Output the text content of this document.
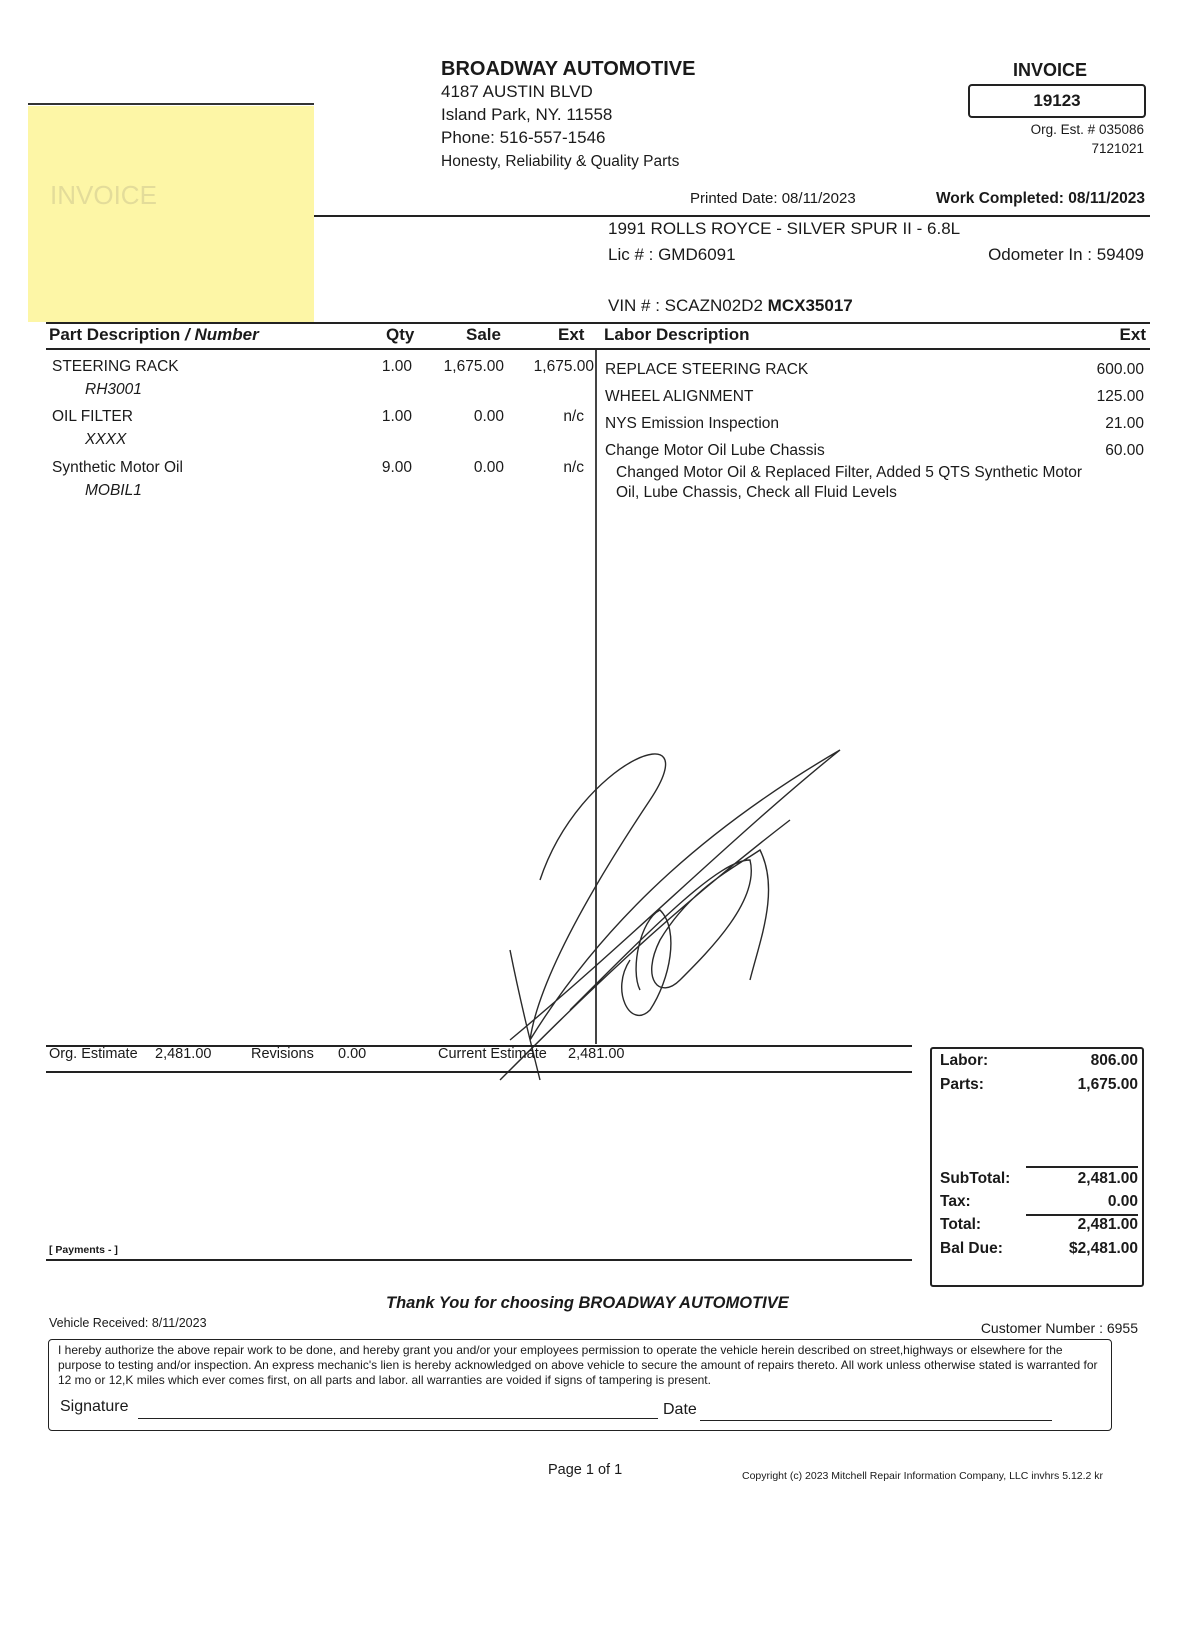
INVOICE
BROADWAY AUTOMOTIVE
4187 AUSTIN BLVD
Island Park, NY. 11558
Phone: 516-557-1546
Honesty, Reliability & Quality Parts
INVOICE
19123
Org. Est. # 035086
7121021
Printed Date: 08/11/2023	Work Completed: 08/11/2023
1991 ROLLS ROYCE - SILVER SPUR II - 6.8L
Lic # : GMD6091	Odometer In : 59409
VIN # : SCAZN02D2 MCX35017
Part Description / Number	Qty	Sale	Ext Labor Description	Ext
STEERING RACK
RH3001
1.00	1,675.00	1,675.00
OIL FILTER
XXXX
1.00	0.00	n/c
Synthetic Motor Oil
MOBIL1
9.00	0.00	n/c
REPLACE STEERING RACK	600.00
WHEEL ALIGNMENT	125.00
NYS Emission Inspection	21.00
Change Motor Oil Lube Chassis	60.00
Changed Motor Oil & Replaced Filter, Added 5 QTS Synthetic Motor
Oil, Lube Chassis, Check all Fluid Levels
Org. Estimate 2,481.00	Revisions 0.00	Current Estimate 2,481.00
[ Payments - ]
Labor:	806.00
Parts:	1,675.00
SubTotal:	2,481.00
Tax:	0.00
Total:	2,481.00
Bal Due:	$2,481.00
Thank You for choosing BROADWAY AUTOMOTIVE
Vehicle Received: 8/11/2023	Customer Number : 6955
I hereby authorize the above repair work to be done, and hereby grant you and/or your employees permission to operate the vehicle herein described on street,highways or elsewhere for the purpose to testing and/or inspection. An express mechanic's lien is hereby acknowledged on above vehicle to secure the amount of repairs thereto. All work unless otherwise stated is warranted for 12 mo or 12,K miles which ever comes first, on all parts and labor. all warranties are voided if signs of tampering is present.
Signature	Date
Page 1 of 1	Copyright (c) 2023 Mitchell Repair Information Company, LLC invhrs 5.12.2 kr
